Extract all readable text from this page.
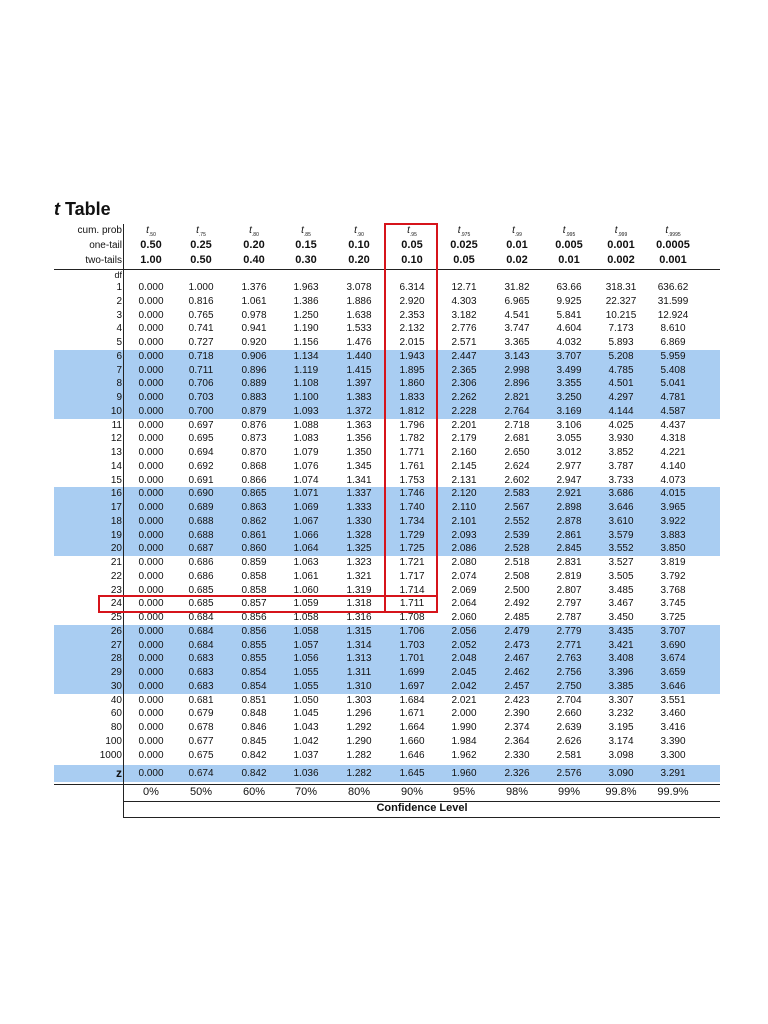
t Table
cum. prob	$t_{.50}$	$t_{.75}$	$t_{.80}$	$t_{.85}$	$t_{.90}$	$t_{.95}$	$t_{.975}$	$t_{.99}$	$t_{.995}$	$t_{.999}$	$t_{.9995}$
one-tail	0.50	0.25	0.20	0.15	0.10	0.05	0.025	0.01	0.005	0.001	0.0005
two-tails	1.00	0.50	0.40	0.30	0.20	0.10	0.05	0.02	0.01	0.002	0.001
df
1	0.000	1.000	1.376	1.963	3.078	6.314	12.71	31.82	63.66	318.31	636.62
2	0.000	0.816	1.061	1.386	1.886	2.920	4.303	6.965	9.925	22.327	31.599
3	0.000	0.765	0.978	1.250	1.638	2.353	3.182	4.541	5.841	10.215	12.924
4	0.000	0.741	0.941	1.190	1.533	2.132	2.776	3.747	4.604	7.173	8.610
5	0.000	0.727	0.920	1.156	1.476	2.015	2.571	3.365	4.032	5.893	6.869
6	0.000	0.718	0.906	1.134	1.440	1.943	2.447	3.143	3.707	5.208	5.959
7	0.000	0.711	0.896	1.119	1.415	1.895	2.365	2.998	3.499	4.785	5.408
8	0.000	0.706	0.889	1.108	1.397	1.860	2.306	2.896	3.355	4.501	5.041
9	0.000	0.703	0.883	1.100	1.383	1.833	2.262	2.821	3.250	4.297	4.781
10	0.000	0.700	0.879	1.093	1.372	1.812	2.228	2.764	3.169	4.144	4.587
11	0.000	0.697	0.876	1.088	1.363	1.796	2.201	2.718	3.106	4.025	4.437
12	0.000	0.695	0.873	1.083	1.356	1.782	2.179	2.681	3.055	3.930	4.318
13	0.000	0.694	0.870	1.079	1.350	1.771	2.160	2.650	3.012	3.852	4.221
14	0.000	0.692	0.868	1.076	1.345	1.761	2.145	2.624	2.977	3.787	4.140
15	0.000	0.691	0.866	1.074	1.341	1.753	2.131	2.602	2.947	3.733	4.073
16	0.000	0.690	0.865	1.071	1.337	1.746	2.120	2.583	2.921	3.686	4.015
17	0.000	0.689	0.863	1.069	1.333	1.740	2.110	2.567	2.898	3.646	3.965
18	0.000	0.688	0.862	1.067	1.330	1.734	2.101	2.552	2.878	3.610	3.922
19	0.000	0.688	0.861	1.066	1.328	1.729	2.093	2.539	2.861	3.579	3.883
20	0.000	0.687	0.860	1.064	1.325	1.725	2.086	2.528	2.845	3.552	3.850
21	0.000	0.686	0.859	1.063	1.323	1.721	2.080	2.518	2.831	3.527	3.819
22	0.000	0.686	0.858	1.061	1.321	1.717	2.074	2.508	2.819	3.505	3.792
23	0.000	0.685	0.858	1.060	1.319	1.714	2.069	2.500	2.807	3.485	3.768
24	0.000	0.685	0.857	1.059	1.318	1.711	2.064	2.492	2.797	3.467	3.745
25	0.000	0.684	0.856	1.058	1.316	1.708	2.060	2.485	2.787	3.450	3.725
26	0.000	0.684	0.856	1.058	1.315	1.706	2.056	2.479	2.779	3.435	3.707
27	0.000	0.684	0.855	1.057	1.314	1.703	2.052	2.473	2.771	3.421	3.690
28	0.000	0.683	0.855	1.056	1.313	1.701	2.048	2.467	2.763	3.408	3.674
29	0.000	0.683	0.854	1.055	1.311	1.699	2.045	2.462	2.756	3.396	3.659
30	0.000	0.683	0.854	1.055	1.310	1.697	2.042	2.457	2.750	3.385	3.646
40	0.000	0.681	0.851	1.050	1.303	1.684	2.021	2.423	2.704	3.307	3.551
60	0.000	0.679	0.848	1.045	1.296	1.671	2.000	2.390	2.660	3.232	3.460
80	0.000	0.678	0.846	1.043	1.292	1.664	1.990	2.374	2.639	3.195	3.416
100	0.000	0.677	0.845	1.042	1.290	1.660	1.984	2.364	2.626	3.174	3.390
1000	0.000	0.675	0.842	1.037	1.282	1.646	1.962	2.330	2.581	3.098	3.300
z	0.000	0.674	0.842	1.036	1.282	1.645	1.960	2.326	2.576	3.090	3.291
0%	50%	60%	70%	80%	90%	95%	98%	99%	99.8%	99.9%
Confidence Level
